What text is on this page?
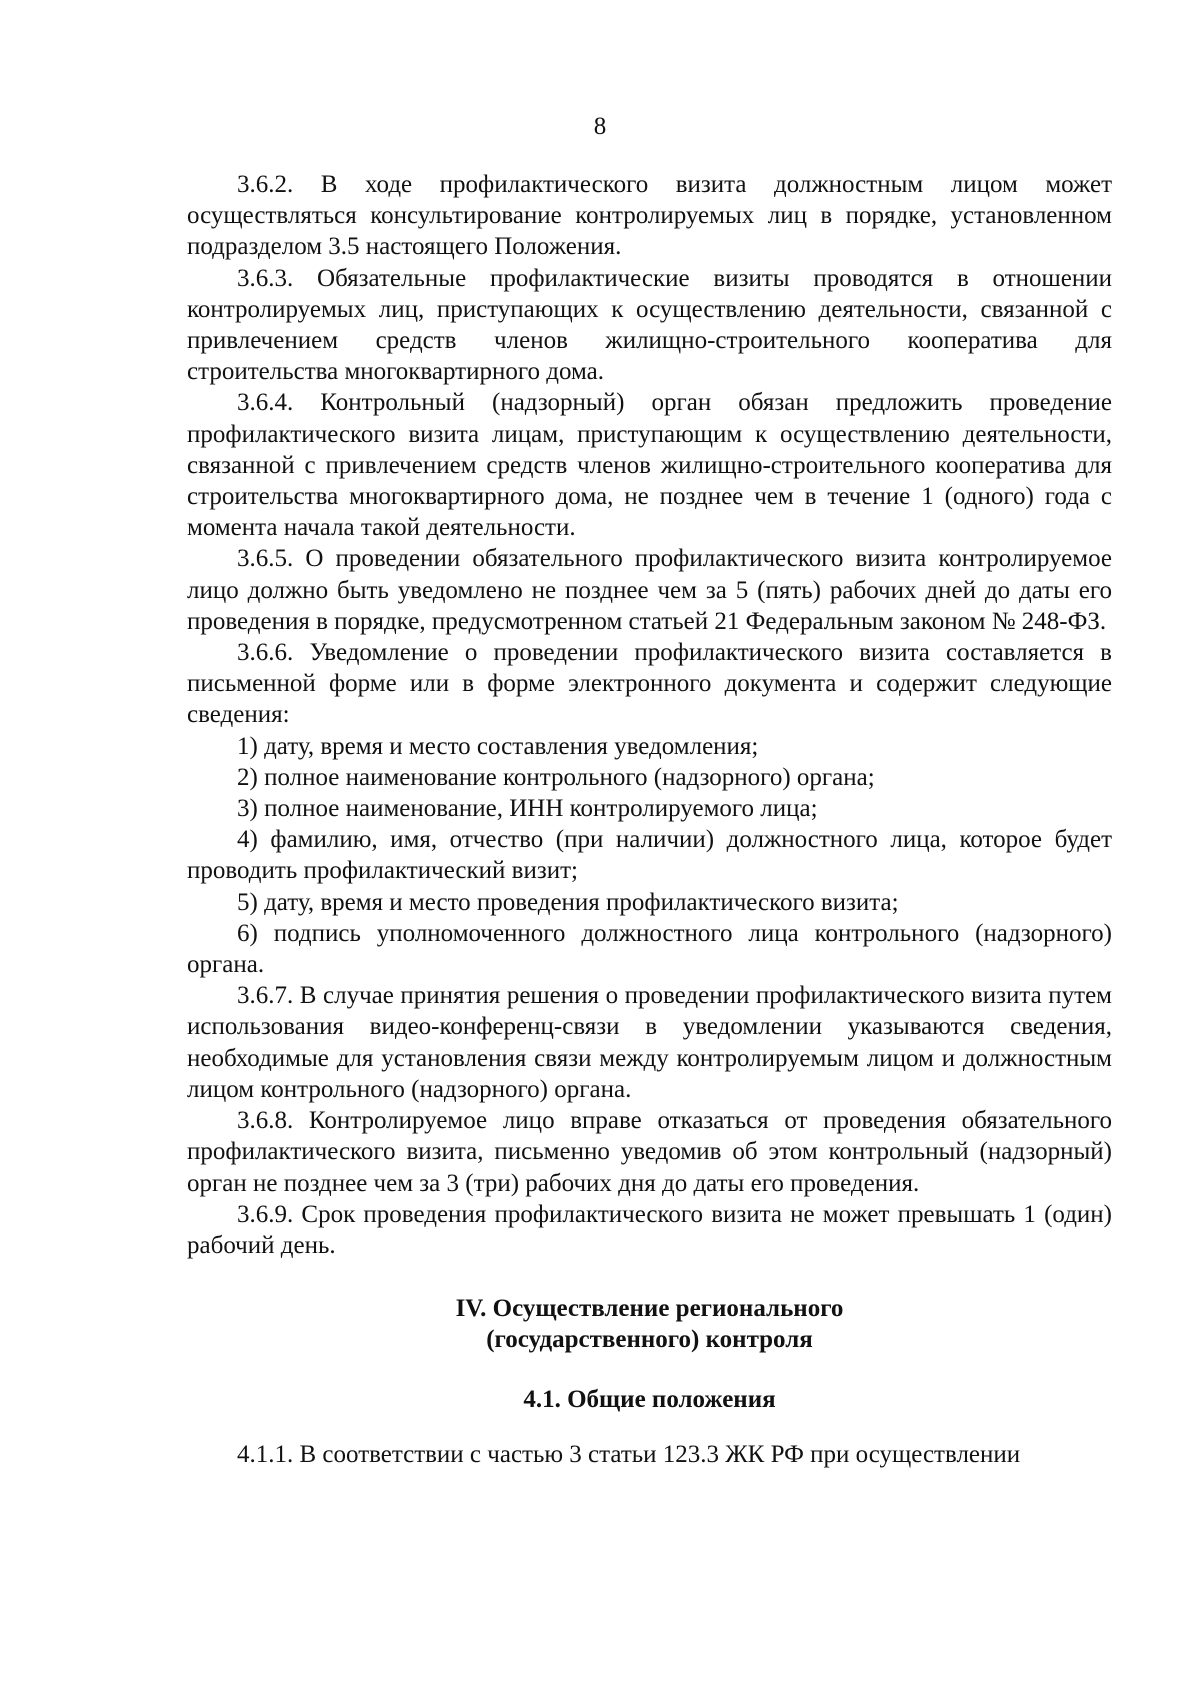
8

3.6.2. В ходе профилактического визита должностным лицом может осуществляться консультирование контролируемых лиц в порядке, установленном подразделом 3.5 настоящего Положения.

3.6.3. Обязательные профилактические визиты проводятся в отношении контролируемых лиц, приступающих к осуществлению деятельности, связанной с привлечением средств членов жилищно-строительного кооператива для строительства многоквартирного дома.

3.6.4. Контрольный (надзорный) орган обязан предложить проведение профилактического визита лицам, приступающим к осуществлению деятельности, связанной с привлечением средств членов жилищно-строительного кооператива для строительства многоквартирного дома, не позднее чем в течение 1 (одного) года с момента начала такой деятельности.

3.6.5. О проведении обязательного профилактического визита контролируемое лицо должно быть уведомлено не позднее чем за 5 (пять) рабочих дней до даты его проведения в порядке, предусмотренном статьей 21 Федеральным законом № 248-ФЗ.

3.6.6. Уведомление о проведении профилактического визита составляется в письменной форме или в форме электронного документа и содержит следующие сведения:

1) дату, время и место составления уведомления;

2) полное наименование контрольного (надзорного) органа;

3) полное наименование, ИНН контролируемого лица;

4) фамилию, имя, отчество (при наличии) должностного лица, которое будет проводить профилактический визит;

5) дату, время и место проведения профилактического визита;

6) подпись уполномоченного должностного лица контрольного (надзорного) органа.

3.6.7. В случае принятия решения о проведении профилактического визита путем использования видео-конференц-связи в уведомлении указываются сведения, необходимые для установления связи между контролируемым лицом и должностным лицом контрольного (надзорного) органа.

3.6.8. Контролируемое лицо вправе отказаться от проведения обязательного профилактического визита, письменно уведомив об этом контрольный (надзорный) орган не позднее чем за 3 (три) рабочих дня до даты его проведения.

3.6.9. Срок проведения профилактического визита не может превышать 1 (один) рабочий день.

IV. Осуществление регионального
(государственного) контроля
4.1. Общие положения

4.1.1. В соответствии с частью 3 статьи 123.3 ЖК РФ при осуществлении
